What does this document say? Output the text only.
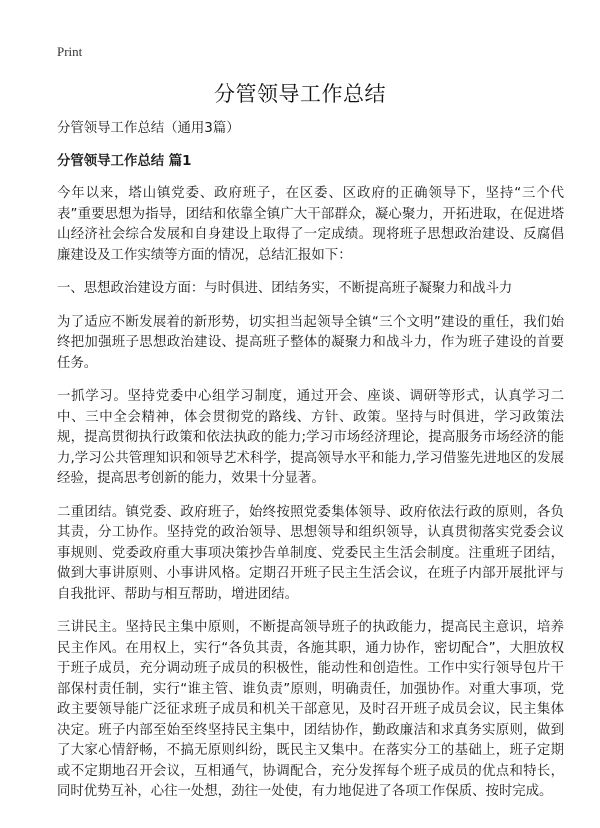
Print
分管领导工作总结

分管领导工作总结（通用3篇）

分管领导工作总结 篇1

今年以来，塔山镇党委、政府班子，在区委、区政府的正确领导下，坚持“三个代表”重要思想为指导，团结和依靠全镇广大干部群众，凝心聚力，开拓进取，在促进塔山经济社会综合发展和自身建设上取得了一定成绩。现将班子思想政治建设、反腐倡廉建设及工作实绩等方面的情况，总结汇报如下：

一、思想政治建设方面：与时俱进、团结务实，不断提高班子凝聚力和战斗力

为了适应不断发展着的新形势，切实担当起领导全镇“三个文明”建设的重任，我们始终把加强班子思想政治建设、提高班子整体的凝聚力和战斗力，作为班子建设的首要任务。

一抓学习。坚持党委中心组学习制度，通过开会、座谈、调研等形式，认真学习二中、三中全会精神，体会贯彻党的路线、方针、政策。坚持与时俱进，学习政策法规，提高贯彻执行政策和依法执政的能力;学习市场经济理论，提高服务市场经济的能力,学习公共管理知识和领导艺术科学，提高领导水平和能力,学习借鉴先进地区的发展经验，提高思考创新的能力，效果十分显著。

二重团结。镇党委、政府班子，始终按照党委集体领导、政府依法行政的原则，各负其责，分工协作。坚持党的政治领导、思想领导和组织领导，认真贯彻落实党委会议事规则、党委政府重大事项决策抄告单制度、党委民主生活会制度。注重班子团结，做到大事讲原则、小事讲风格。定期召开班子民主生活会议，在班子内部开展批评与自我批评、帮助与相互帮助，增进团结。

三讲民主。坚持民主集中原则，不断提高领导班子的执政能力，提高民主意识，培养民主作风。在用权上，实行“各负其责，各施其职，通力协作，密切配合”，大胆放权于班子成员，充分调动班子成员的积极性，能动性和创造性。工作中实行领导包片干部保村责任制，实行“谁主管、谁负责”原则，明确责任，加强协作。对重大事项，党政主要领导能广泛征求班子成员和机关干部意见，及时召开班子成员会议，民主集体决定。班子内部至始至终坚持民主集中，团结协作，勤政廉洁和求真务实原则，做到了大家心情舒畅，不搞无原则纠纷，既民主又集中。在落实分工的基础上，班子定期或不定期地召开会议，互相通气，协调配合，充分发挥每个班子成员的优点和特长，同时优势互补，心往一处想，劲往一处使，有力地促进了各项工作保质、按时完成。
